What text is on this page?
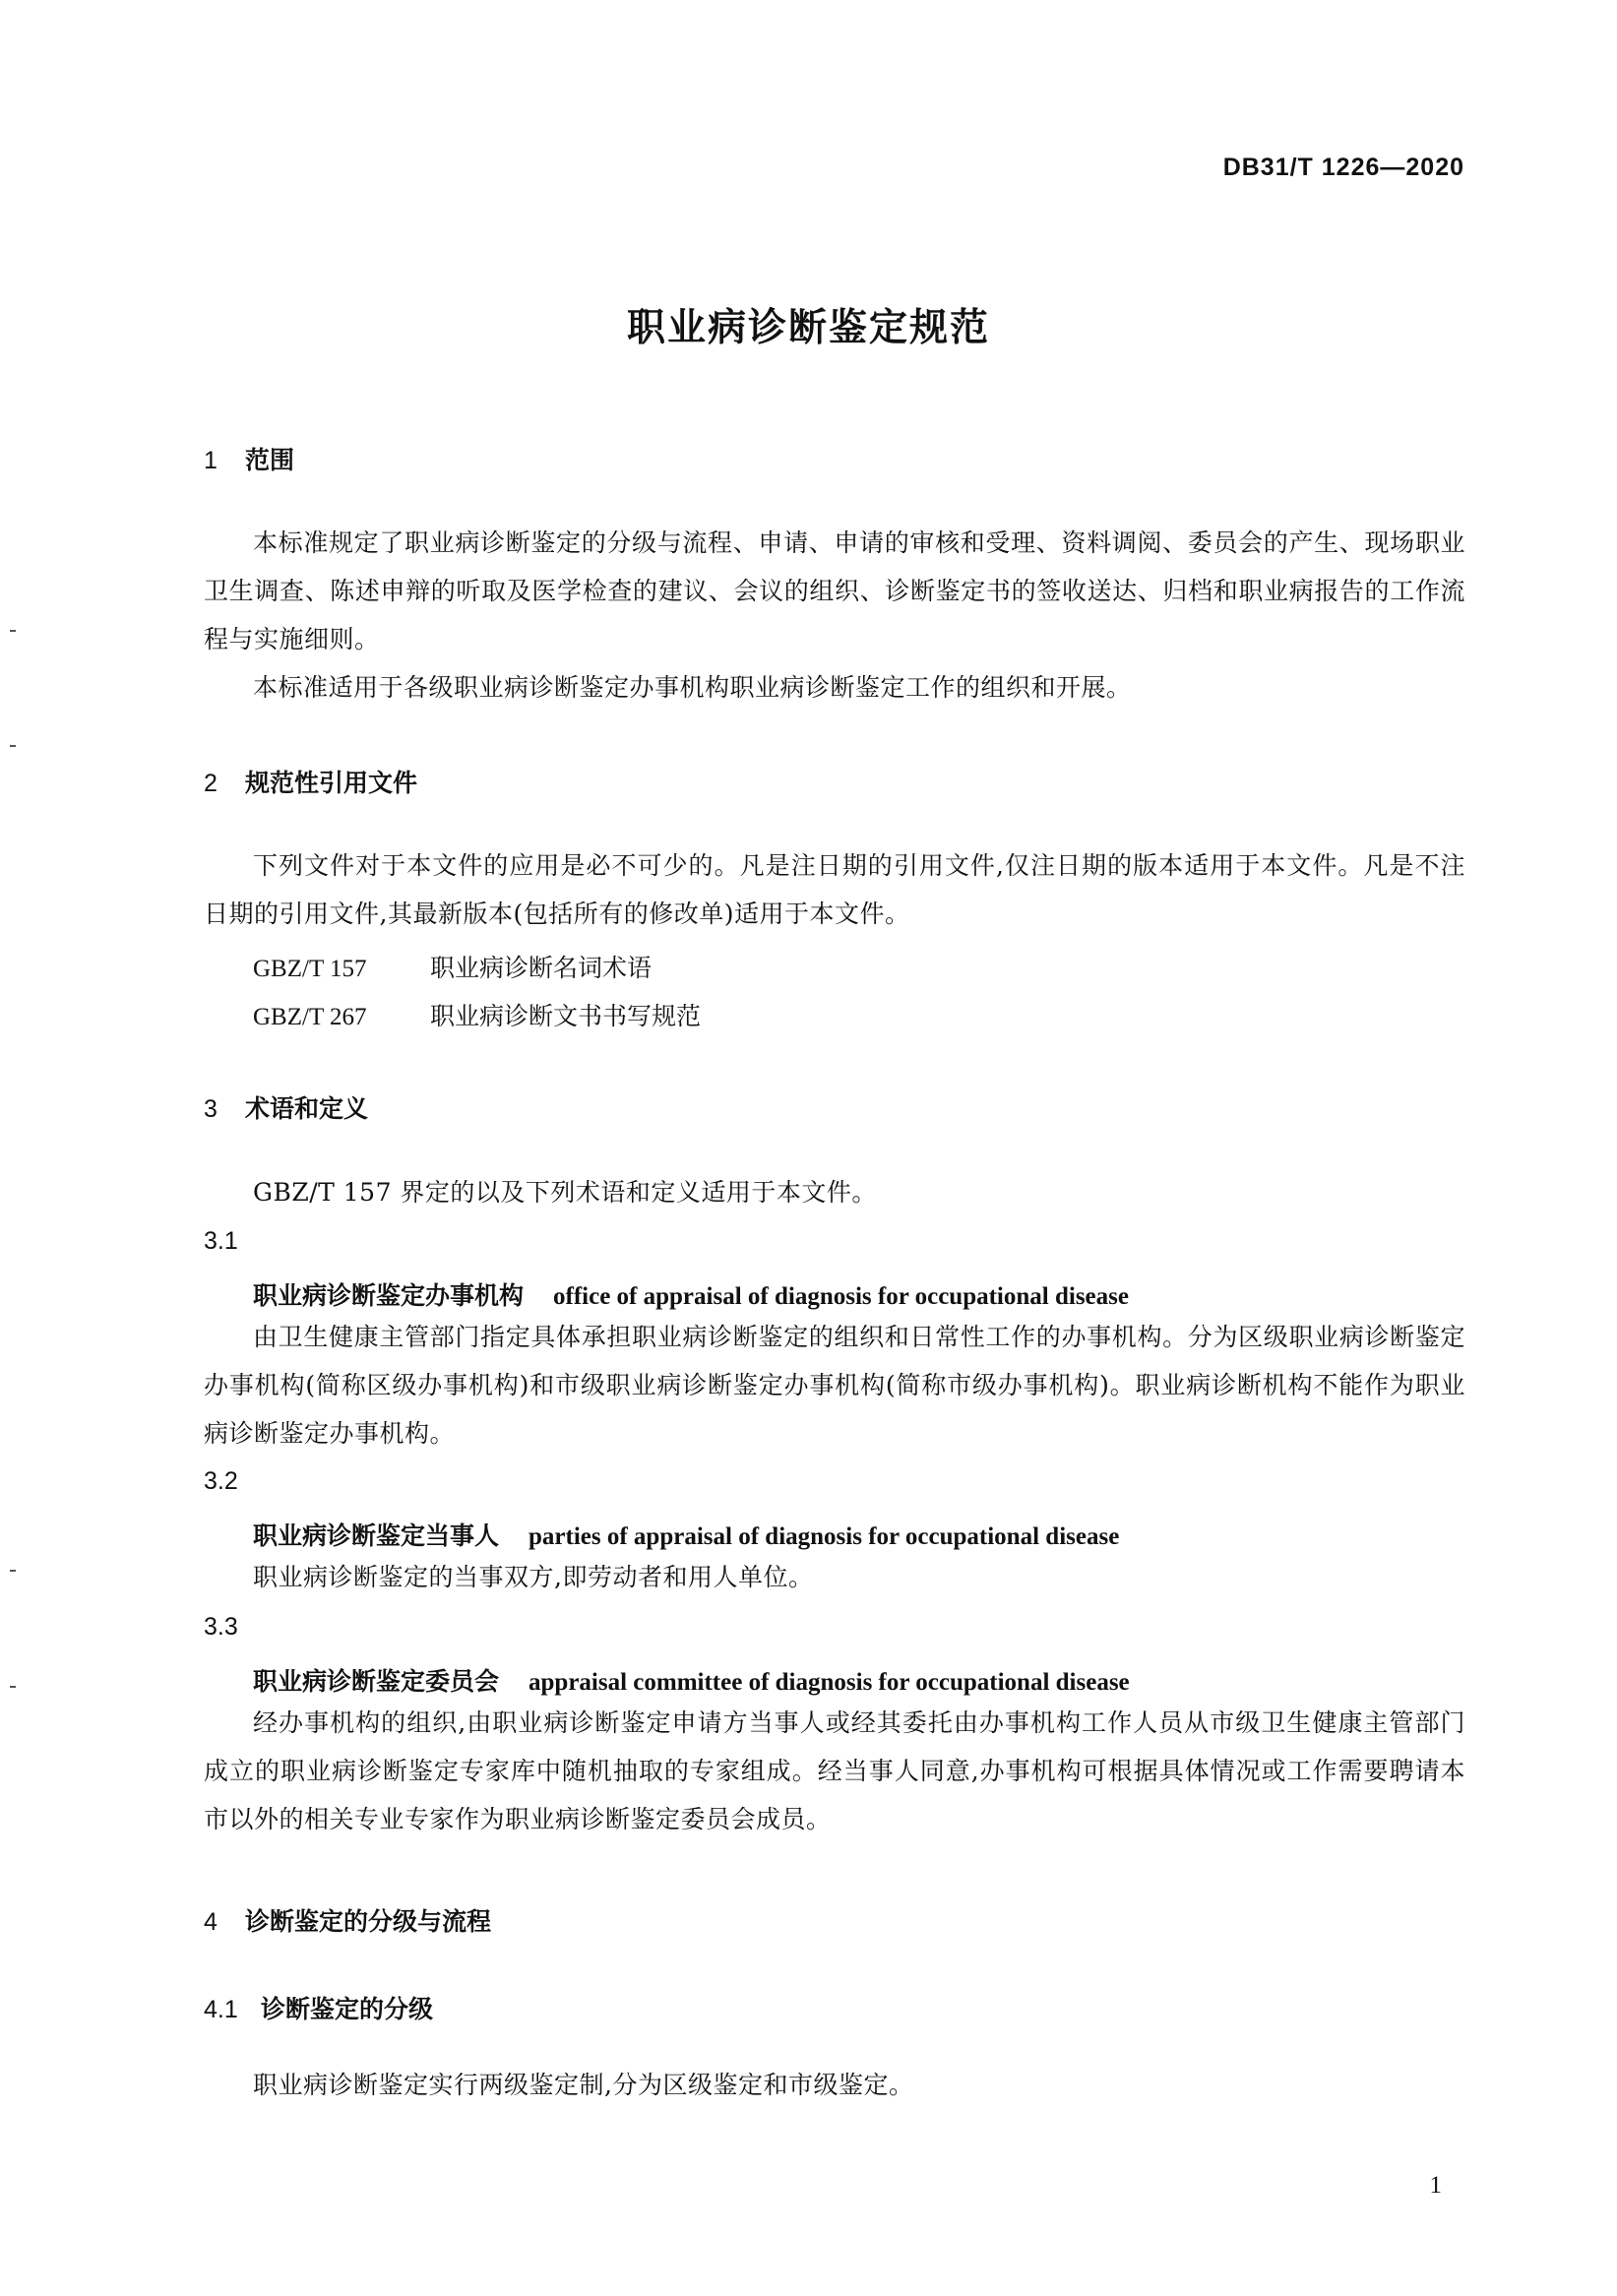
DB31/T 1226—2020
职业病诊断鉴定规范
1 范围
本标准规定了职业病诊断鉴定的分级与流程、申请、申请的审核和受理、资料调阅、委员会的产生、现场职业卫生调查、陈述申辩的听取及医学检查的建议、会议的组织、诊断鉴定书的签收送达、归档和职业病报告的工作流程与实施细则。
本标准适用于各级职业病诊断鉴定办事机构职业病诊断鉴定工作的组织和开展。
2 规范性引用文件
下列文件对于本文件的应用是必不可少的。凡是注日期的引用文件,仅注日期的版本适用于本文件。凡是不注日期的引用文件,其最新版本(包括所有的修改单)适用于本文件。
GBZ/T 157	职业病诊断名词术语
GBZ/T 267	职业病诊断文书书写规范
3 术语和定义
GBZ/T 157 界定的以及下列术语和定义适用于本文件。
3.1
职业病诊断鉴定办事机构 office of appraisal of diagnosis for occupational disease
由卫生健康主管部门指定具体承担职业病诊断鉴定的组织和日常性工作的办事机构。分为区级职业病诊断鉴定办事机构(简称区级办事机构)和市级职业病诊断鉴定办事机构(简称市级办事机构)。职业病诊断机构不能作为职业病诊断鉴定办事机构。
3.2
职业病诊断鉴定当事人 parties of appraisal of diagnosis for occupational disease
职业病诊断鉴定的当事双方,即劳动者和用人单位。
3.3
职业病诊断鉴定委员会 appraisal committee of diagnosis for occupational disease
经办事机构的组织,由职业病诊断鉴定申请方当事人或经其委托由办事机构工作人员从市级卫生健康主管部门成立的职业病诊断鉴定专家库中随机抽取的专家组成。经当事人同意,办事机构可根据具体情况或工作需要聘请本市以外的相关专业专家作为职业病诊断鉴定委员会成员。
4 诊断鉴定的分级与流程
4.1 诊断鉴定的分级
职业病诊断鉴定实行两级鉴定制,分为区级鉴定和市级鉴定。
1
